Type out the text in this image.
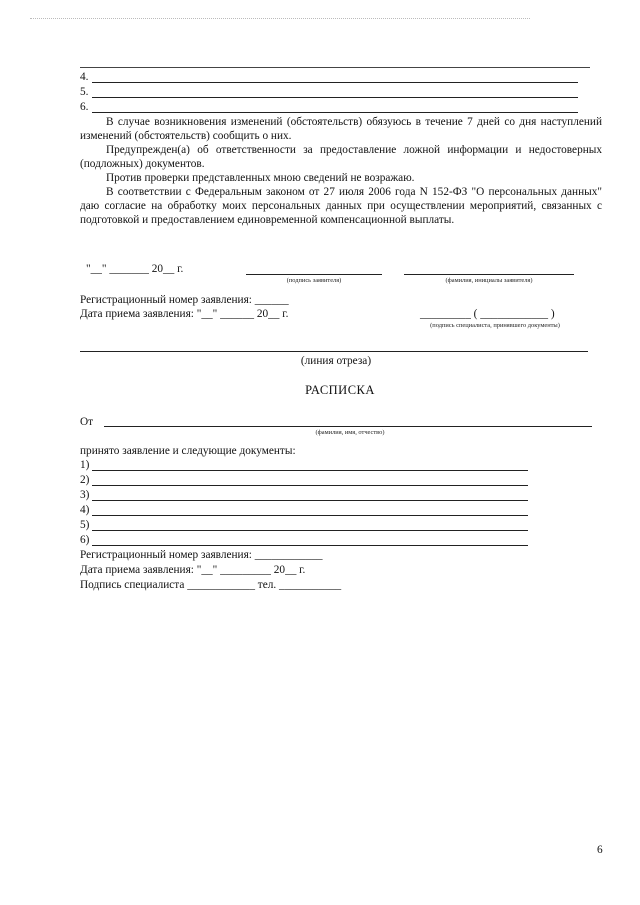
4.
5.
6.
В случае возникновения изменений (обстоятельств) обязуюсь в течение 7 дней со дня наступлений изменений (обстоятельств) сообщить о них.
Предупрежден(а) об ответственности за предоставление ложной информации и недостоверных (подложных) документов.
Против проверки представленных мною сведений не возражаю.
В соответствии с Федеральным законом от 27 июля 2006 года N 152-ФЗ "О персональных данных" даю согласие на обработку моих персональных данных при осуществлении мероприятий, связанных с подготовкой и предоставлением единовременной компенсационной выплаты.
"__" _______ 20__ г.
(подпись заявителя)	(фамилия, инициалы заявителя)
Регистрационный номер заявления: ______
Дата приема заявления: "__" ______ 20__ г.	_________ ( ____________ )
(подпись специалиста, принявшего документы)
(линия отреза)
РАСПИСКА
От
(фамилия, имя, отчество)
принято заявление и следующие документы:
1)
2)
3)
4)
5)
6)
Регистрационный номер заявления: ____________
Дата приема заявления: "__" _________ 20__ г.
Подпись специалиста ____________ тел. ___________
6
